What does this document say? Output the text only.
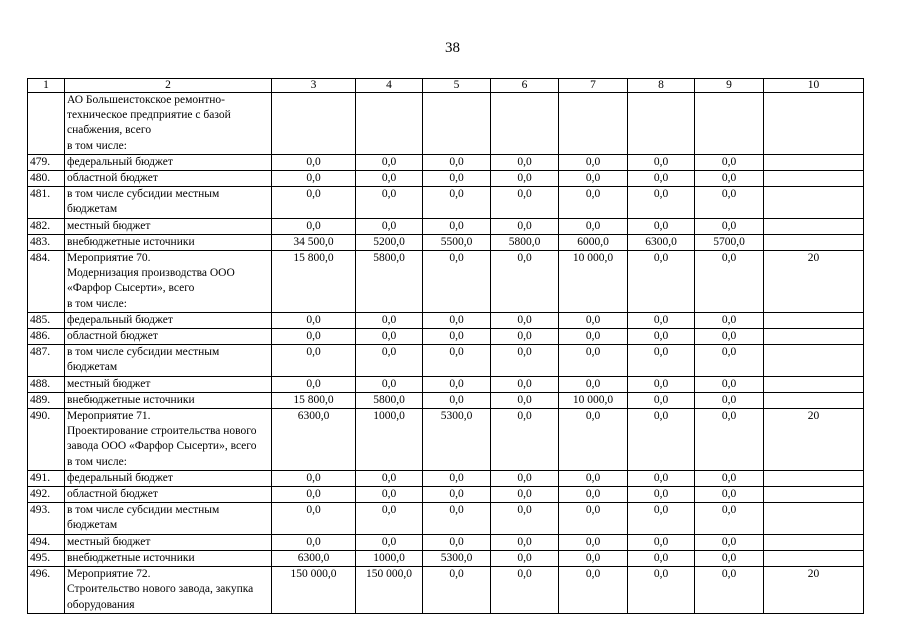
38
1	2	3	4	5	6	7	8	9	10
	АО Большеистокское ремонтно-техническое предприятие с базой снабжения, всего
в том числе:								
479.	федеральный бюджет	0,0	0,0	0,0	0,0	0,0	0,0	0,0	
480.	областной бюджет	0,0	0,0	0,0	0,0	0,0	0,0	0,0	
481.	в том числе субсидии местным бюджетам	0,0	0,0	0,0	0,0	0,0	0,0	0,0	
482.	местный бюджет	0,0	0,0	0,0	0,0	0,0	0,0	0,0	
483.	внебюджетные источники	34 500,0	5200,0	5500,0	5800,0	6000,0	6300,0	5700,0	
484.	Мероприятие 70.
Модернизация производства ООО «Фарфор Сысерти», всего
в том числе:	15 800,0	5800,0	0,0	0,0	10 000,0	0,0	0,0	20
485.	федеральный бюджет	0,0	0,0	0,0	0,0	0,0	0,0	0,0	
486.	областной бюджет	0,0	0,0	0,0	0,0	0,0	0,0	0,0	
487.	в том числе субсидии местным бюджетам	0,0	0,0	0,0	0,0	0,0	0,0	0,0	
488.	местный бюджет	0,0	0,0	0,0	0,0	0,0	0,0	0,0	
489.	внебюджетные источники	15 800,0	5800,0	0,0	0,0	10 000,0	0,0	0,0	
490.	Мероприятие 71.
Проектирование строительства нового завода ООО «Фарфор Сысерти», всего
в том числе:	6300,0	1000,0	5300,0	0,0	0,0	0,0	0,0	20
491.	федеральный бюджет	0,0	0,0	0,0	0,0	0,0	0,0	0,0	
492.	областной бюджет	0,0	0,0	0,0	0,0	0,0	0,0	0,0	
493.	в том числе субсидии местным бюджетам	0,0	0,0	0,0	0,0	0,0	0,0	0,0	
494.	местный бюджет	0,0	0,0	0,0	0,0	0,0	0,0	0,0	
495.	внебюджетные источники	6300,0	1000,0	5300,0	0,0	0,0	0,0	0,0	
496.	Мероприятие 72.
Строительство нового завода, закупка оборудования	150 000,0	150 000,0	0,0	0,0	0,0	0,0	0,0	20
